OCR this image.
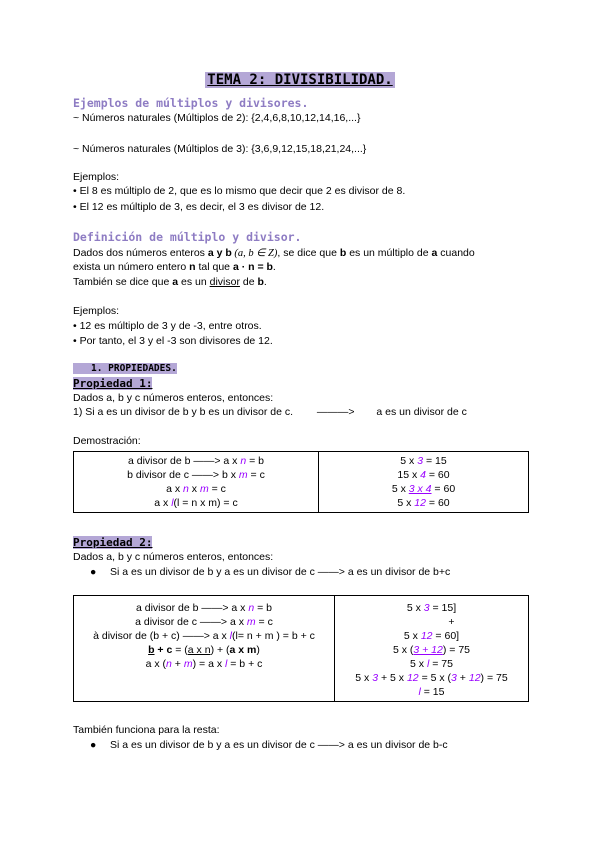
TEMA 2: DIVISIBILIDAD.
Ejemplos de múltiplos y divisores.
~ Números naturales (Múltiplos de 2): {2,4,6,8,10,12,14,16,...}
~ Números naturales (Múltiplos de 3): {3,6,9,12,15,18,21,24,...}
Ejemplos:
• El 8 es múltiplo de 2, que es lo mismo que decir que 2 es divisor de 8.
• El 12 es múltiplo de 3, es decir, el 3 es divisor de 12.
Definición de múltiplo y divisor.
Dados dos números enteros a y b (a, b ∈ Z), se dice que b es un múltiplo de a cuando
exista un número entero n tal que a · n = b.
También se dice que a es un divisor de b.
Ejemplos:
• 12 es múltiplo de 3 y de -3, entre otros.
• Por tanto, el 3 y el -3 son divisores de 12.
1. PROPIEDADES.
Propiedad 1:
Dados a, b y c números enteros, entonces:
1) Si a es un divisor de b y b es un divisor de c. ———> a es un divisor de c
Demostración:
a divisor de b ——> a x n = b
b divisor de c ——> b x m = c
a x n x m = c
a x l(l = n x m) = c

5 x 3 = 15
15 x 4 = 60
5 x 3 x 4 = 60
5 x 12 = 60
Propiedad 2:
Dados a, b y c números enteros, entonces:
● Si a es un divisor de b y a es un divisor de c ——> a es un divisor de b+c
a divisor de b ——> a x n = b
a divisor de c ——> a x m = c
à divisor de (b + c) ——> a x l(l= n + m ) = b + c
b + c = (a x n) + (a x m)
a x (n + m) = a x l = b + c

5 x 3 = 15]
+
5 x 12 = 60]
5 x (3 + 12) = 75
5 x l = 75
5 x 3 + 5 x 12 = 5 x (3 + 12) = 75
l = 15
También funciona para la resta:
● Si a es un divisor de b y a es un divisor de c ——> a es un divisor de b-c
